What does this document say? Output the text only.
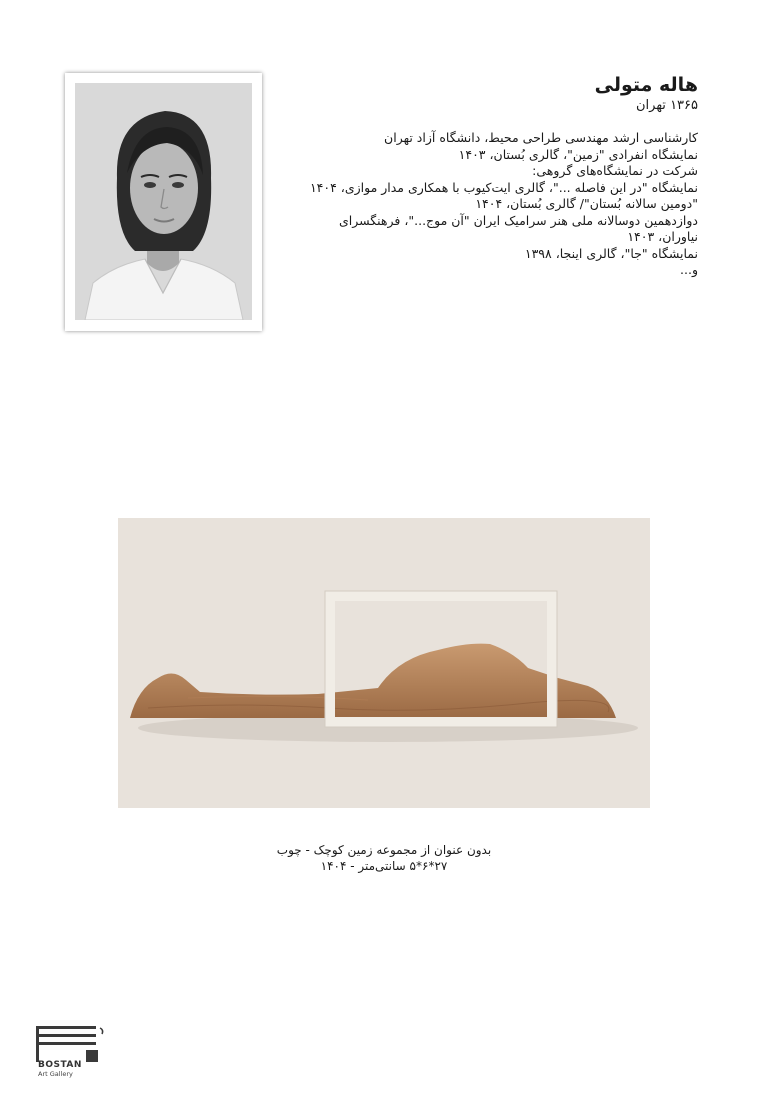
هاله متولی

۱۳۶۵ تهران

کارشناسی ارشد مهندسی طراحی محیط، دانشگاه آزاد تهران

نمایشگاه انفرادی "زمین"، گالری بُستان، ۱۴۰۳

شرکت در نمایشگاه‌های گروهی:

نمایشگاه "در این فاصله ..."، گالری ایت‌کیوب با همکاری مدار موازی، ۱۴۰۴

"دومین سالانه بُستان"/ گالری بُستان، ۱۴۰۴

دوازدهمین دوسالانه ملی هنر سرامیک ایران "آن موج..."، فرهنگسرای

نیاوران، ۱۴۰۳

نمایشگاه "جا"، گالری اینجا، ۱۳۹۸

و...

بدون عنوان از مجموعه زمین کوچک - چوب
۲۷*۶*۵ سانتی‌متر - ۱۴۰۴
BOSTAN
Art Gallery
